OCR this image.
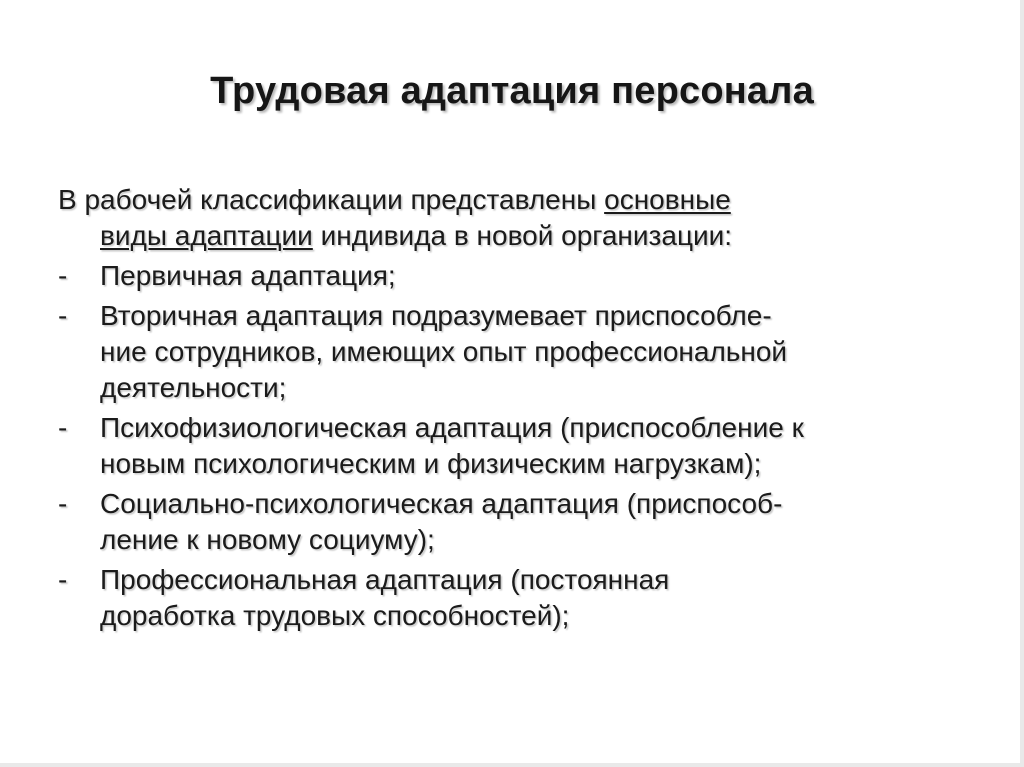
Трудовая адаптация персонала
В рабочей классификации представлены основные
виды адаптации индивида в новой организации:
-	Первичная адаптация;
-	Вторичная адаптация подразумевает приспособле-
ние сотрудников, имеющих опыт профессиональной
деятельности;
-	Психофизиологическая адаптация (приспособление к
новым психологическим и физическим нагрузкам);
-	Социально-психологическая адаптация (приспособ-
ление к новому социуму);
-	Профессиональная адаптация (постоянная
доработка трудовых способностей);
